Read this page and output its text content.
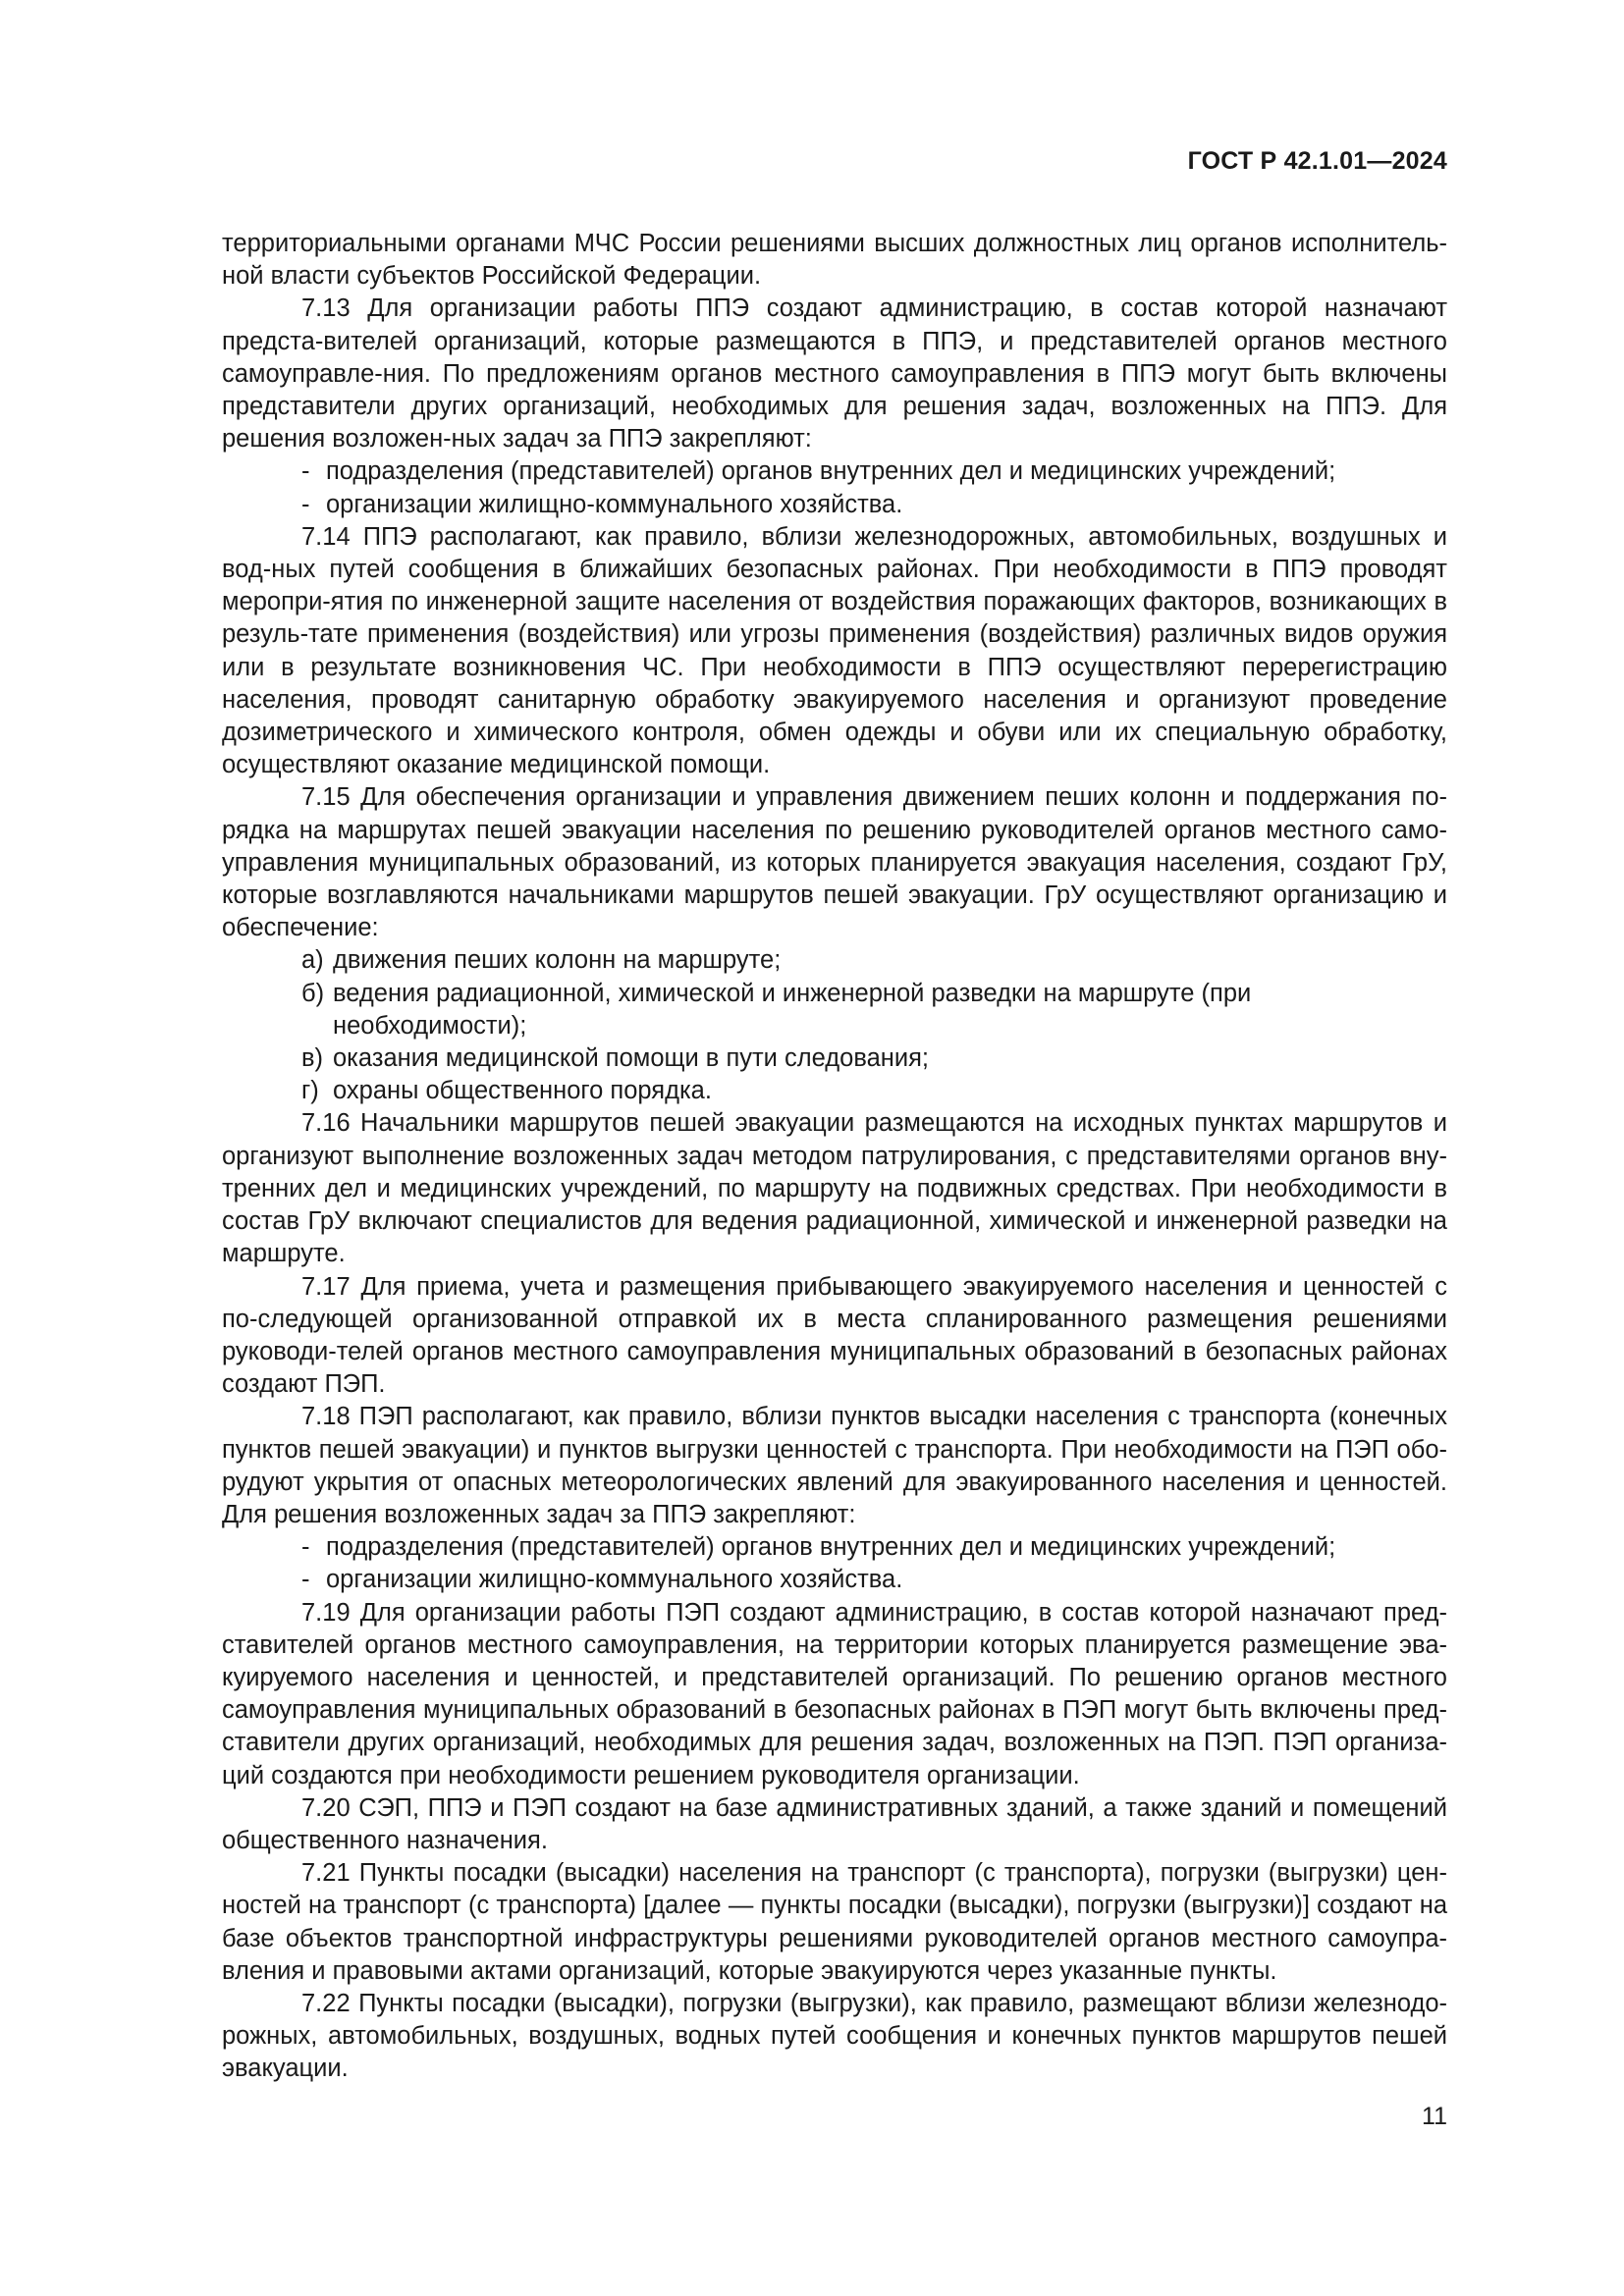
ГОСТ Р 42.1.01—2024

территориальными органами МЧС России решениями высших должностных лиц органов исполнитель-ной власти субъектов Российской Федерации.

7.13 Для организации работы ППЭ создают администрацию, в состав которой назначают предста-вителей организаций, которые размещаются в ППЭ, и представителей органов местного самоуправле-ния. По предложениям органов местного самоуправления в ППЭ могут быть включены представители других организаций, необходимых для решения задач, возложенных на ППЭ. Для решения возложен-ных задач за ППЭ закрепляют:

- подразделения (представителей) органов внутренних дел и медицинских учреждений;
- организации жилищно-коммунального хозяйства.

7.14 ППЭ располагают, как правило, вблизи железнодорожных, автомобильных, воздушных и вод-ных путей сообщения в ближайших безопасных районах. При необходимости в ППЭ проводят меропри-ятия по инженерной защите населения от воздействия поражающих факторов, возникающих в резуль-тате применения (воздействия) или угрозы применения (воздействия) различных видов оружия или в результате возникновения ЧС. При необходимости в ППЭ осуществляют перерегистрацию населения, проводят санитарную обработку эвакуируемого населения и организуют проведение дозиметрического и химического контроля, обмен одежды и обуви или их специальную обработку, осуществляют оказание медицинской помощи.

7.15 Для обеспечения организации и управления движением пеших колонн и поддержания по-рядка на маршрутах пешей эвакуации населения по решению руководителей органов местного само-управления муниципальных образований, из которых планируется эвакуация населения, создают ГрУ, которые возглавляются начальниками маршрутов пешей эвакуации. ГрУ осуществляют организацию и обеспечение:

а) движения пеших колонн на маршруте;
б) ведения радиационной, химической и инженерной разведки на маршруте (при необходимости);
в) оказания медицинской помощи в пути следования;
г) охраны общественного порядка.

7.16 Начальники маршрутов пешей эвакуации размещаются на исходных пунктах маршрутов и организуют выполнение возложенных задач методом патрулирования, с представителями органов вну-тренних дел и медицинских учреждений, по маршруту на подвижных средствах. При необходимости в состав ГрУ включают специалистов для ведения радиационной, химической и инженерной разведки на маршруте.

7.17 Для приема, учета и размещения прибывающего эвакуируемого населения и ценностей с по-следующей организованной отправкой их в места спланированного размещения решениями руководи-телей органов местного самоуправления муниципальных образований в безопасных районах создают ПЭП.

7.18 ПЭП располагают, как правило, вблизи пунктов высадки населения с транспорта (конечных пунктов пешей эвакуации) и пунктов выгрузки ценностей с транспорта. При необходимости на ПЭП обо-рудуют укрытия от опасных метеорологических явлений для эвакуированного населения и ценностей. Для решения возложенных задач за ППЭ закрепляют:

- подразделения (представителей) органов внутренних дел и медицинских учреждений;
- организации жилищно-коммунального хозяйства.

7.19 Для организации работы ПЭП создают администрацию, в состав которой назначают пред-ставителей органов местного самоуправления, на территории которых планируется размещение эва-куируемого населения и ценностей, и представителей организаций. По решению органов местного самоуправления муниципальных образований в безопасных районах в ПЭП могут быть включены пред-ставители других организаций, необходимых для решения задач, возложенных на ПЭП. ПЭП организа-ций создаются при необходимости решением руководителя организации.

7.20 СЭП, ППЭ и ПЭП создают на базе административных зданий, а также зданий и помещений общественного назначения.

7.21 Пункты посадки (высадки) населения на транспорт (с транспорта), погрузки (выгрузки) цен-ностей на транспорт (с транспорта) [далее — пункты посадки (высадки), погрузки (выгрузки)] создают на базе объектов транспортной инфраструктуры решениями руководителей органов местного самоупра-вления и правовыми актами организаций, которые эвакуируются через указанные пункты.

7.22 Пункты посадки (высадки), погрузки (выгрузки), как правило, размещают вблизи железнодо-рожных, автомобильных, воздушных, водных путей сообщения и конечных пунктов маршрутов пешей эвакуации.

11
